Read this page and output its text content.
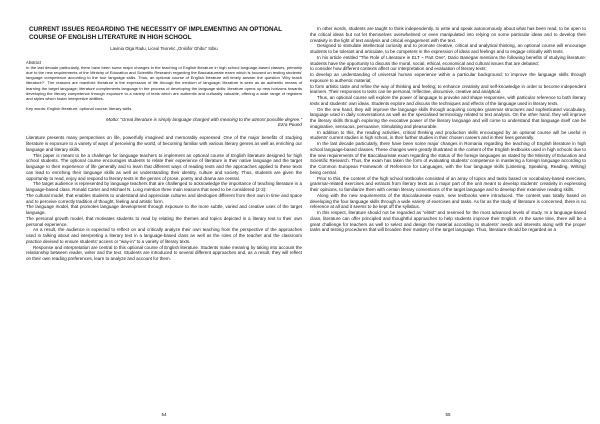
CURRENT ISSUES REGARDING THE NECESSITY OF IMPLEMENTING AN OPTIONAL COURSE OF ENGLISH LITERATURE IN HIGH SCHOOL
Lavinia Olga Radu, Liceul Teoretic „Onisifor Ghibu” Sibiu

Abstract

In the last decade particularly, there have been some major changes in the teaching of English literature in high school language-based classes, primarily due to the new requirements of the Ministry of Education and Scientific Research regarding the Baccalaureate exam which is focused on testing students' language competence according to the four language skills. Thus, an optional course of English literature will timely answer the question 'Why teach literature?'. The reasons are manifold: literature is the expression of life through the medium of language; literature is seen as an authentic means of learning the target language; literature complements language in the process of developing the language skills; literature opens up new horizons towards developing the literary competence through exposure to a variety of texts which are authentic and culturally valuable, offering a wide range of registers and styles which foster interpretive abilities.

Key words: English literature, optional course, literary skills.

Motto: “Great literature is simply language charged with meaning to the utmost possible degree.”

Ezra Pound

Literature presents many perspectives on life, powerfully imagined and memorably expressed. One of the major benefits of studying literature is exposure to a variety of ways of perceiving the world, of becoming familiar with various literary genres as well as enriching our language and literary skills.

This paper is meant to be a challenge for language teachers to implement an optional course of English literature designed for high school students. The optional course encourages students to relate their experience of literature in their native language and the target language to their experience of life generally and to learn that different ways of reading texts and the approaches applied to these texts can lead to enriching their language skills as well as understanding their identity, culture and society. Thus, students are given the opportunity to read, enjoy and respond to literary texts in the genres of prose, poetry and drama are central.

The target audience is represented by language teachers that are challenged to acknowledge the importance of teaching literature in a language-based class. Ronald Carter and Michael N. Long mention three main reasons that need to be considered (2-3):

The cultural model, that enables students to understand and appreciate cultures and ideologies different from their own in time and space and to perceive correctly tradition of thought, feeling and artistic form.

The language model, that promotes language development through exposure to the more subtle, varied and creative uses of the target language.

The personal growth model, that motivates students to read by relating the themes and topics depicted in a literary text to their own personal experience.

As a result, the audience is expected to reflect on and critically analyze their own teaching from the perspective of the approaches used in talking about and interpreting a literary text in a language-based class as well as the roles of the teacher and the classroom practice devised to ensure students' access or “way-in” to a variety of literary texts.

Response and interpretation are central to this optional course of English literature. Students make meaning by taking into account the relationship between reader, writer and the text. Students are introduced to several different approaches and, as a result, they will reflect on their own reading preferences, learn to analyze and account for them.

54

In other words, students are taught to think independently, to write and speak autonomously about what has been read, to be open to the critical ideas but not let themselves overwhelmed or even manipulated into relying on some particular ideas and to develop their creativity in the light of text analysis and critical engagement with the text.

Designed to stimulate intellectual curiosity and to promote creative, critical and analytical thinking, an optional course will encourage students to be tolerant and articulate, to be competent in the expression of ideas and feelings and to engage critically with texts.

In his article entitled “The Role of Literature in ELT – Part One”, Dario Banegas mentions the following benefits of studying literature: students have the opportunity to discuss the moral, social, ethical, economical and cultural issues that are debated;

to consider how different contexts affect our interpretation and evaluation of literary texts;

to develop an understanding of universal human experience within a particular background; to improve the language skills through exposure to authentic material;

to form artistic taste and refine the way of thinking and feeling; to enhance creativity and self-knowledge in order to become independent learners. Their responses to texts can be personal, reflective, discursive, creative and analytical.

Thus, an optional course will explore the power of language to provoke and shape responses, with particular reference to both literary texts and students' own ideas. Students explore and discuss the techniques and effects of the language used in literary texts.

On the one hand, they will improve the language skills through acquiring complex grammar structures and sophisticated vocabulary, language used in daily conversations as well as the specialised terminology related to text analysis. On the other hand, they will improve the literary skills through exploring the evocative power of the literary language and will come to understand that language itself can be imaginative, sensuous, persuasive, stimulating and pleasurable.

In addition to this, the reading activities, critical thinking and production skills encouraged by an optional course will be useful in students' current studies in high school, in their further studies in their chosen careers and in their lives generally.

In the last decade particularly, there have been some major changes in Romania regarding the teaching of English literature in high school language-based classes. These changes were greatly illustrated in the content of the English textbooks used in high schools due to the new requirements of the Baccalaureate exam regarding the status of the foreign languages as stated by the Ministry of Education and Scientific Research. Thus, the exam has taken the form of evaluating students' competence in mastering a foreign language according to the Common European Framework of Reference for Languages, with the four language skills (Listening, Speaking, Reading, Writing) being central.

Prior to this, the content of the high school textbooks consisted of an array of topics and tasks based on vocabulary-based exercises, grammar-related exercises and extracts from literary texts as a major part of the unit meant to develop students' creativity in expressing their opinions, to familiarize them with certain literary conventions of the target language and to develop their extensive reading skills.

Along with the new requirements of the Baccalaureate exam, new textbooks were introduced. The content was totally based on developing the four language skills through a wide variety of exercises and tasks. As far as the study of literature is concerned, there is no reference at all and it seems to be kept off the syllabus.

In this respect, literature should not be regarded as “elitist” and reserved for the most advanced levels of study. In a language-based class, literature can offer principled and thoughtful approaches to help students improve their English. At the same time, there will be a great challenge for teachers as well to select and design the material according to students' needs and interests along with the proper tasks and testing procedures that will broaden their mastery of the target language. Thus, literature should be regarded as a

55
